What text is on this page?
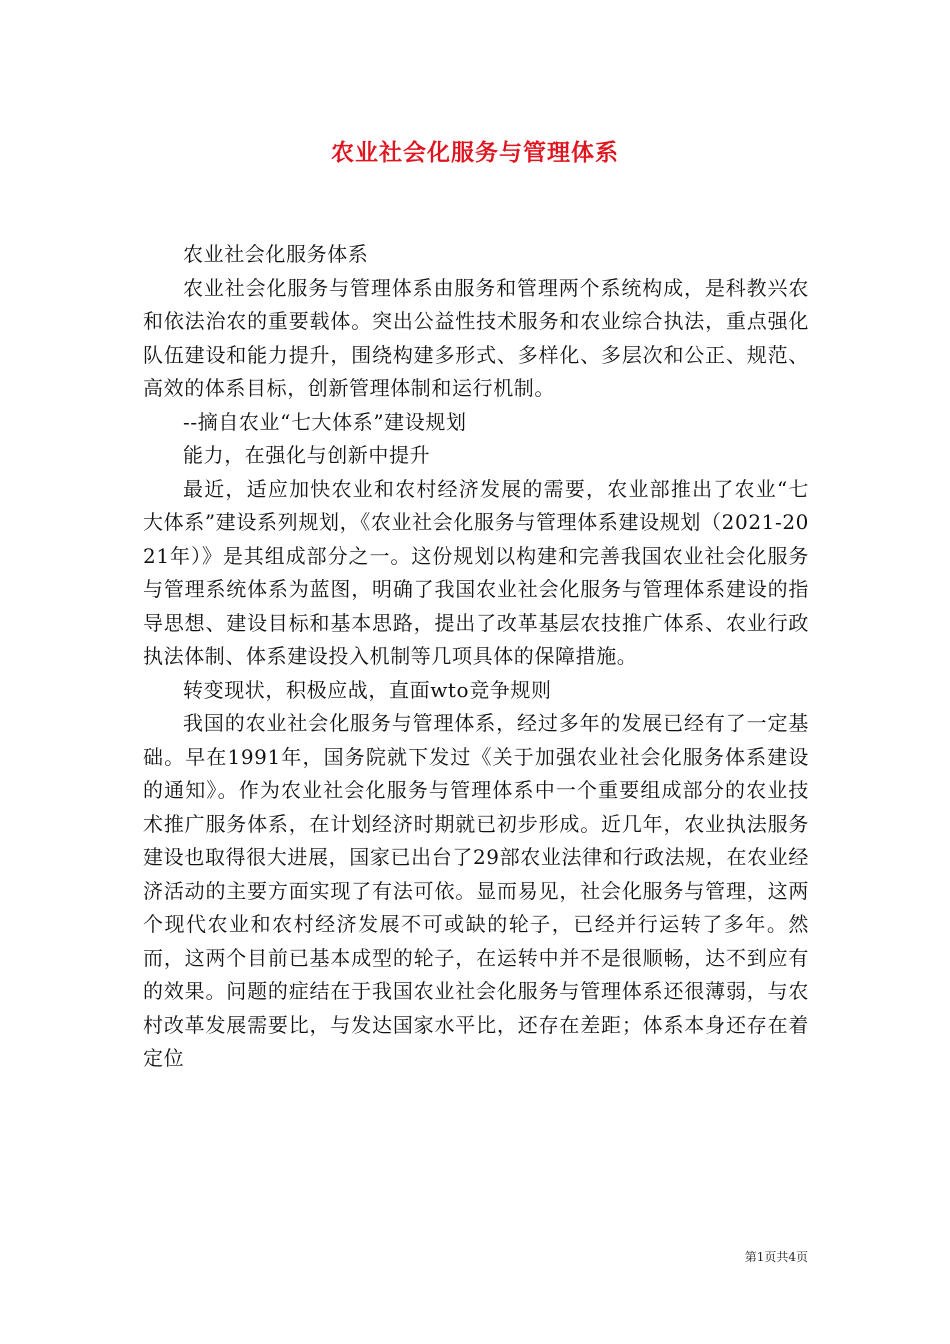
农业社会化服务与管理体系

农业社会化服务体系

农业社会化服务与管理体系由服务和管理两个系统构成，是科教兴农和依法治农的重要载体。突出公益性技术服务和农业综合执法，重点强化队伍建设和能力提升，围绕构建多形式、多样化、多层次和公正、规范、高效的体系目标，创新管理体制和运行机制。

--摘自农业“七大体系”建设规划

能力，在强化与创新中提升

最近，适应加快农业和农村经济发展的需要，农业部推出了农业“七大体系”建设系列规划，《农业社会化服务与管理体系建设规划（2021-2021年）》是其组成部分之一。这份规划以构建和完善我国农业社会化服务与管理系统体系为蓝图，明确了我国农业社会化服务与管理体系建设的指导思想、建设目标和基本思路，提出了改革基层农技推广体系、农业行政执法体制、体系建设投入机制等几项具体的保障措施。

转变现状，积极应战，直面wto竞争规则

我国的农业社会化服务与管理体系，经过多年的发展已经有了一定基础。早在1991年，国务院就下发过《关于加强农业社会化服务体系建设的通知》。作为农业社会化服务与管理体系中一个重要组成部分的农业技术推广服务体系，在计划经济时期就已初步形成。近几年，农业执法服务建设也取得很大进展，国家已出台了29部农业法律和行政法规，在农业经济活动的主要方面实现了有法可依。显而易见，社会化服务与管理，这两个现代农业和农村经济发展不可或缺的轮子，已经并行运转了多年。然而，这两个目前已基本成型的轮子，在运转中并不是很顺畅，达不到应有的效果。问题的症结在于我国农业社会化服务与管理体系还很薄弱，与农村改革发展需要比，与发达国家水平比，还存在差距；体系本身还存在着定位

第1页共4页
